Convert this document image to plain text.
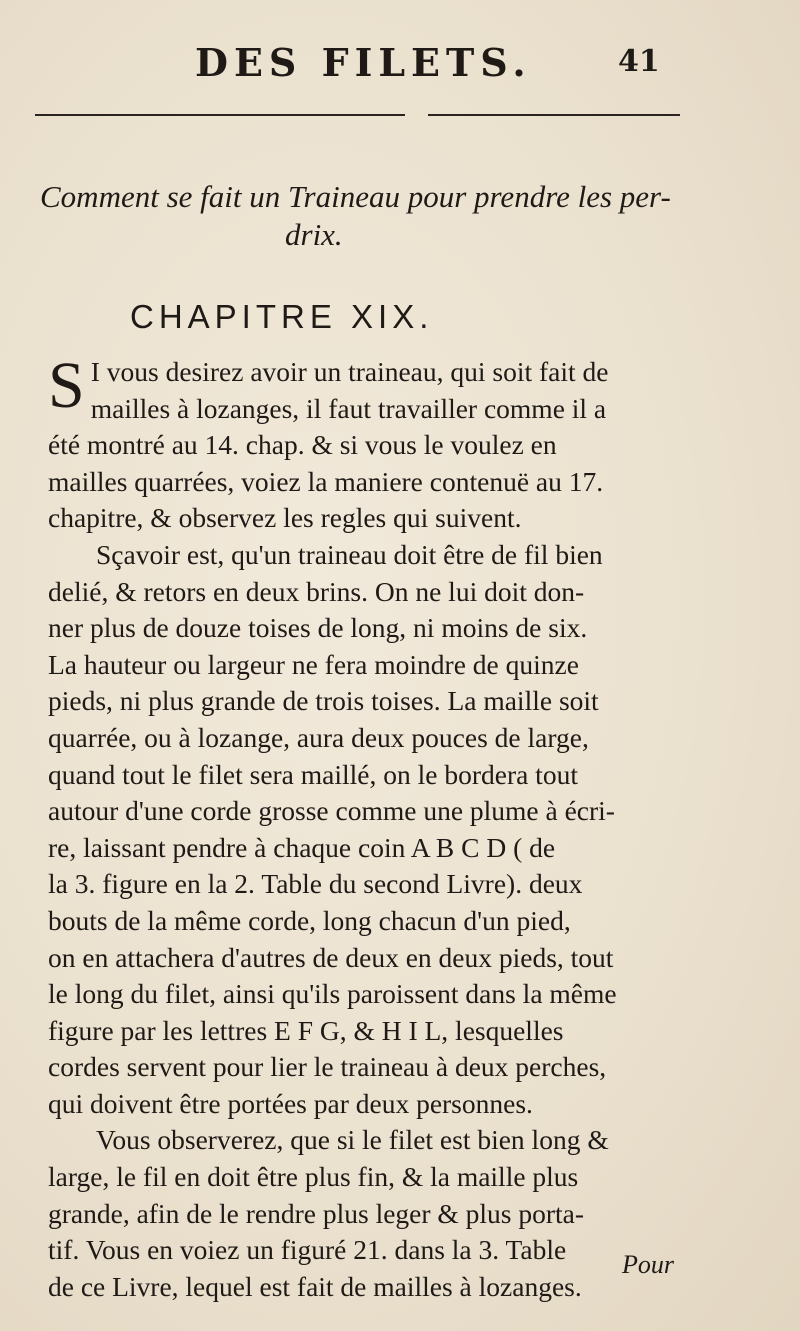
DES FILETS.	41
Comment se fait un Traineau pour prendre les per-
drix.
CHAPITRE XIX.
S I vous desirez avoir un traineau, qui soit fait de
mailles à lozanges, il faut travailler comme il a
été montré au 14. chap. & si vous le voulez en
mailles quarrées, voiez la maniere contenuë au 17.
chapitre, & observez les regles qui suivent.
Sçavoir est, qu'un traineau doit être de fil bien
delié, & retors en deux brins. On ne lui doit don-
ner plus de douze toises de long, ni moins de six.
La hauteur ou largeur ne fera moindre de quinze
pieds, ni plus grande de trois toises. La maille soit
quarrée, ou à lozange, aura deux pouces de large,
quand tout le filet sera maillé, on le bordera tout
autour d'une corde grosse comme une plume à écri-
re, laissant pendre à chaque coin A B C D ( de
la 3. figure en la 2. Table du second Livre). deux
bouts de la même corde, long chacun d'un pied,
on en attachera d'autres de deux en deux pieds, tout
le long du filet, ainsi qu'ils paroissent dans la même
figure par les lettres E F G, & H I L, lesquelles
cordes servent pour lier le traineau à deux perches,
qui doivent être portées par deux personnes.
Vous observerez, que si le filet est bien long &
large, le fil en doit être plus fin, & la maille plus
grande, afin de le rendre plus leger & plus porta-
tif. Vous en voiez un figuré 21. dans la 3. Table
de ce Livre, lequel est fait de mailles à lozanges.
Pour
